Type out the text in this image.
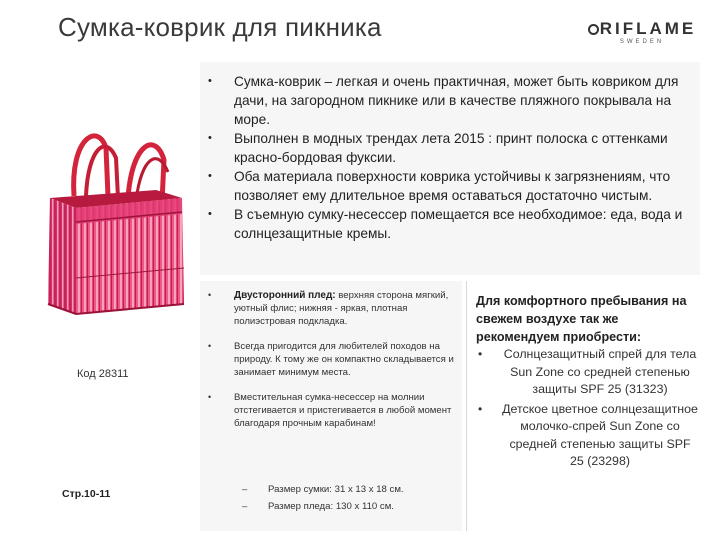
Сумка-коврик для пикника	RIFLAME
SWEDEN
• Сумка-коврик – легкая и очень практичная, может быть ковриком для дачи, на загородном пикнике или в качестве пляжного покрывала на море.
• Выполнен в модных трендах лета 2015 : принт полоска с оттенками красно-бордовая фуксии.
• Оба материала поверхности коврика устойчивы к загрязнениям, что позволяет ему длительное время оставаться достаточно чистым.
• В съемную сумку-несессер помещается все необходимое: еда, вода и солнцезащитные кремы.
• Двусторонний плед: верхняя сторона мягкий, уютный флис; нижняя - яркая, плотная полиэстровая подкладка.
• Всегда пригодится для любителей походов на природу. К тому же он компактно складывается и занимает минимум места.
• Вместительная сумка-несессер на молнии отстегивается и пристегивается в любой момент благодаря прочным карабинам!
– Размер сумки: 31 х 13 х 18 см.
– Размер пледа: 130 х 110 см.
Для комфортного пребывания на свежем воздухе так же рекомендуем приобрести:
• Солнцезащитный спрей для тела Sun Zone со средней степенью защиты SPF 25 (31323)
• Детское цветное солнцезащитное молочко-спрей Sun Zone со средней степенью защиты SPF 25 (23298)
Код 28311
Стр.10-11
